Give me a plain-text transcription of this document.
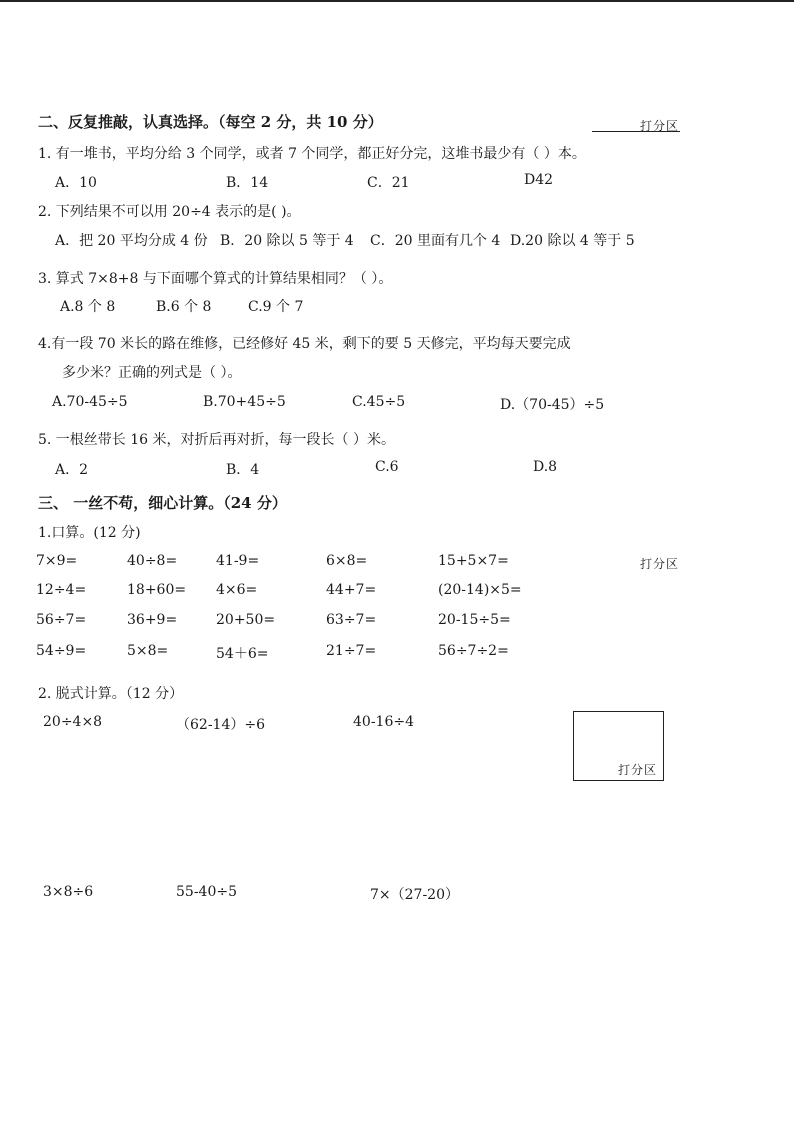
二、反复推敲，认真选择。（每空 2 分，共 10 分）	打分区
1. 有一堆书，平均分给 3 个同学，或者 7 个同学，都正好分完，这堆书最少有（ ）本。
A．10	B．14	C．21	D42
2. 下列结果不可以用 20÷4 表示的是( )。
A．把 20 平均分成 4 份 B．20 除以 5 等于 4 C．20 里面有几个 4 D.20 除以 4 等于 5
3. 算式 7×8+8 与下面哪个算式的计算结果相同？（ ）。
A.8 个 8	B.6 个 8	C.9 个 7
4.有一段 70 米长的路在维修，已经修好 45 米，剩下的要 5 天修完，平均每天要完成
多少米？正确的列式是（ ）。
A.70-45÷5	B.70+45÷5	C.45÷5	D.（70-45）÷5
5. 一根丝带长 16 米，对折后再对折，每一段长（ ）米。
A．2	B．4	C.6	D.8
三、 一丝不苟，细心计算。（24 分）
1.口算。(12 分)
打分区
7×9=	40÷8=	41-9=	6×8=	15+5×7=
12÷4=	18+60= 4×6=	44+7=	(20-14)×5=
56÷7=	36+9=	20+50=	63÷7=	20-15÷5=
54÷9=	5×8=	54＋6=	21÷7=	56÷7÷2=
2. 脱式计算。（12 分）
20÷4×8	（62-14）÷6	40-16÷4
打分区
3×8÷6	55-40÷5	7×（27-20）
